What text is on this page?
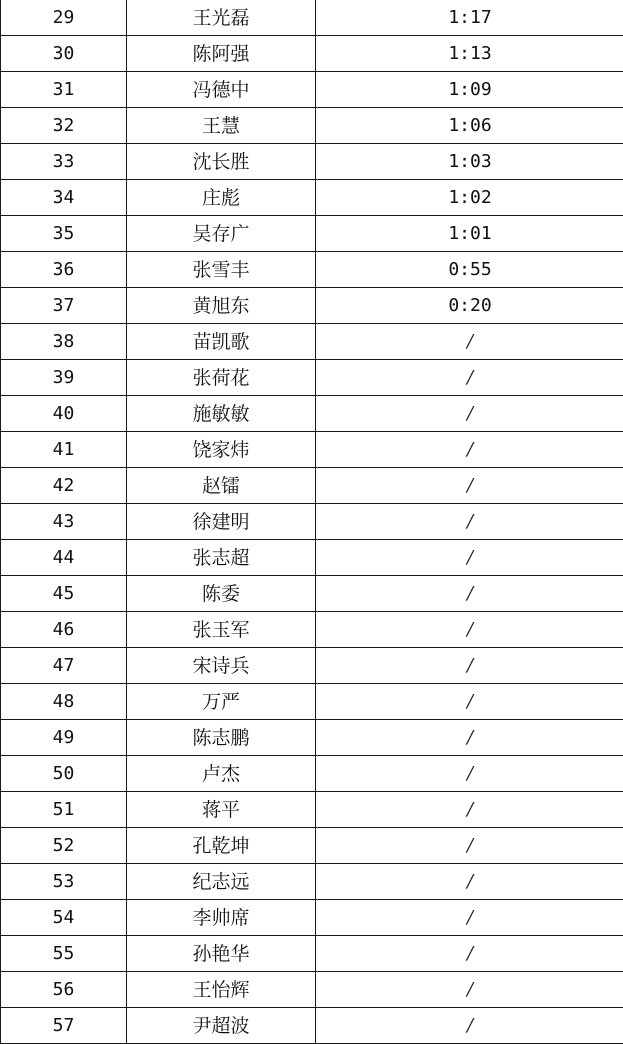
29	王光磊	1:17
30	陈阿强	1:13
31	冯德中	1:09
32	王慧	1:06
33	沈长胜	1:03
34	庄彪	1:02
35	吴存广	1:01
36	张雪丰	0:55
37	黄旭东	0:20
38	苗凯歌	/
39	张荷花	/
40	施敏敏	/
41	饶家炜	/
42	赵镭	/
43	徐建明	/
44	张志超	/
45	陈委	/
46	张玉军	/
47	宋诗兵	/
48	万严	/
49	陈志鹏	/
50	卢杰	/
51	蒋平	/
52	孔乾坤	/
53	纪志远	/
54	李帅席	/
55	孙艳华	/
56	王怡辉	/
57	尹超波	/
